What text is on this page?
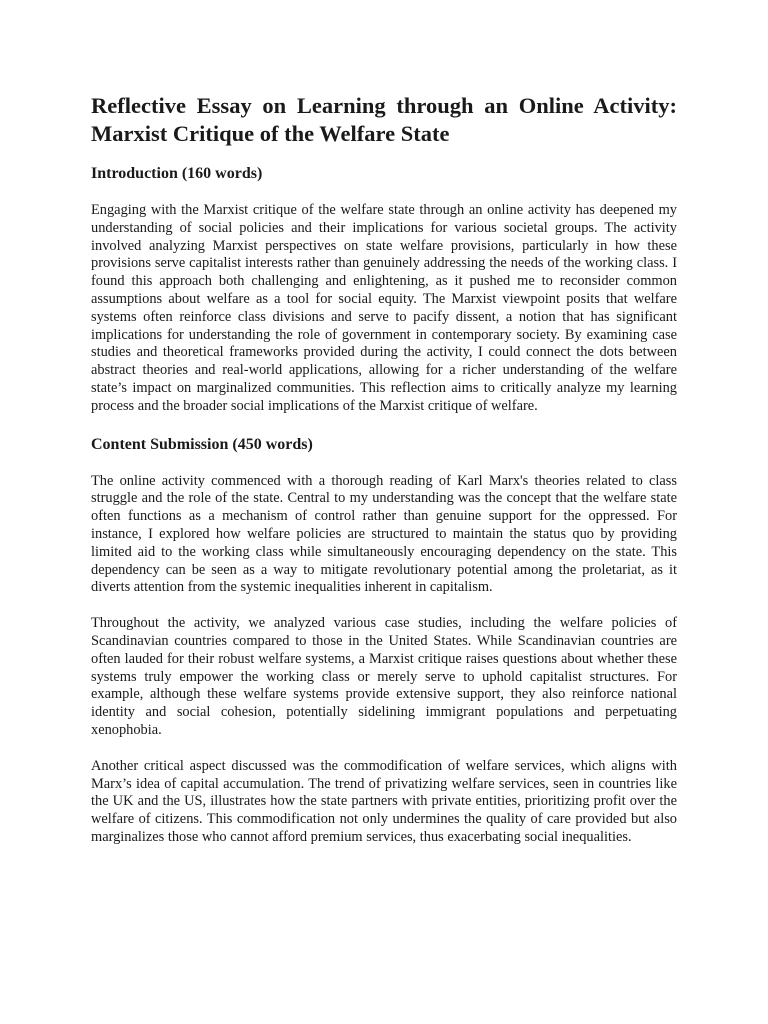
Reflective Essay on Learning through an Online Activity: Marxist Critique of the Welfare State
Introduction (160 words)

Engaging with the Marxist critique of the welfare state through an online activity has deepened my understanding of social policies and their implications for various societal groups. The activity involved analyzing Marxist perspectives on state welfare provisions, particularly in how these provisions serve capitalist interests rather than genuinely addressing the needs of the working class. I found this approach both challenging and enlightening, as it pushed me to reconsider common assumptions about welfare as a tool for social equity. The Marxist viewpoint posits that welfare systems often reinforce class divisions and serve to pacify dissent, a notion that has significant implications for understanding the role of government in contemporary society. By examining case studies and theoretical frameworks provided during the activity, I could connect the dots between abstract theories and real-world applications, allowing for a richer understanding of the welfare state’s impact on marginalized communities. This reflection aims to critically analyze my learning process and the broader social implications of the Marxist critique of welfare.

Content Submission (450 words)

The online activity commenced with a thorough reading of Karl Marx's theories related to class struggle and the role of the state. Central to my understanding was the concept that the welfare state often functions as a mechanism of control rather than genuine support for the oppressed. For instance, I explored how welfare policies are structured to maintain the status quo by providing limited aid to the working class while simultaneously encouraging dependency on the state. This dependency can be seen as a way to mitigate revolutionary potential among the proletariat, as it diverts attention from the systemic inequalities inherent in capitalism.

Throughout the activity, we analyzed various case studies, including the welfare policies of Scandinavian countries compared to those in the United States. While Scandinavian countries are often lauded for their robust welfare systems, a Marxist critique raises questions about whether these systems truly empower the working class or merely serve to uphold capitalist structures. For example, although these welfare systems provide extensive support, they also reinforce national identity and social cohesion, potentially sidelining immigrant populations and perpetuating xenophobia.

Another critical aspect discussed was the commodification of welfare services, which aligns with Marx’s idea of capital accumulation. The trend of privatizing welfare services, seen in countries like the UK and the US, illustrates how the state partners with private entities, prioritizing profit over the welfare of citizens. This commodification not only undermines the quality of care provided but also marginalizes those who cannot afford premium services, thus exacerbating social inequalities.
